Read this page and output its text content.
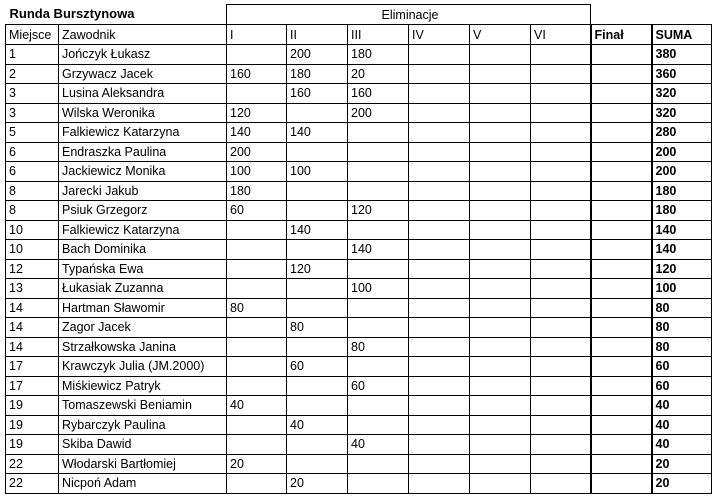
Runda Bursztynowa		Eliminacje							
Miejsce	Zawodnik	I	II	III	IV	V	VI	Finał	SUMA
1	Jończyk Łukasz		200	180					380
2	Grzywacz Jacek	160	180	20					360
3	Lusina Aleksandra		160	160					320
3	Wilska Weronika	120		200					320
5	Falkiewicz Katarzyna	140	140						280
6	Endraszka Paulina	200							200
6	Jackiewicz Monika	100	100						200
8	Jarecki Jakub	180							180
8	Psiuk Grzegorz	60		120					180
10	Falkiewicz Katarzyna		140						140
10	Bach Dominika			140					140
12	Typańska Ewa		120						120
13	Łukasiak Zuzanna			100					100
14	Hartman Sławomir	80							80
14	Zagor Jacek		80						80
14	Strzałkowska Janina			80					80
17	Krawczyk Julia (JM.2000)		60						60
17	Miśkiewicz Patryk			60					60
19	Tomaszewski Beniamin	40							40
19	Rybarczyk Paulina		40						40
19	Skiba Dawid			40					40
22	Włodarski Bartłomiej	20							20
22	Nicpoń Adam		20						20
